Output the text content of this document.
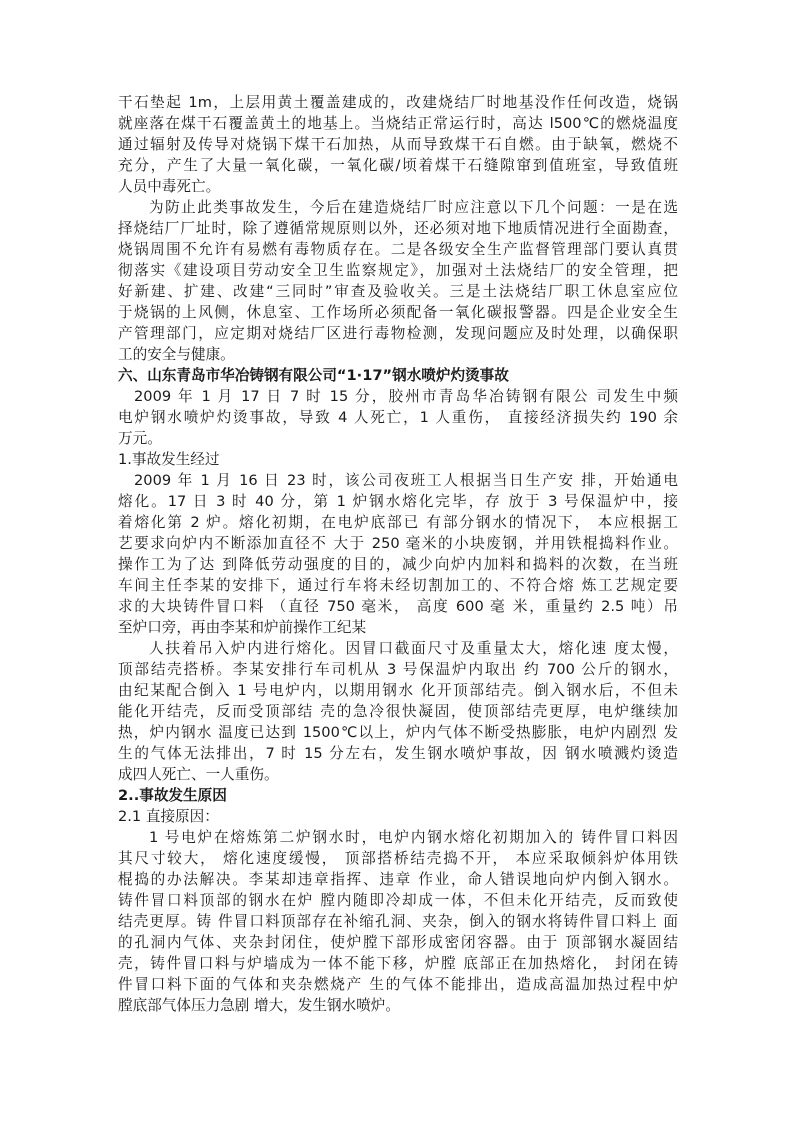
干石垫起 1m，上层用黄土覆盖建成的，改建烧结厂时地基没作任何改造，烧锅
就座落在煤干石覆盖黄土的地基上。当烧结正常运行时，高达 l500℃的燃烧温度
通过辐射及传导对烧锅下煤干石加热，从而导致煤干石自燃。由于缺氧，燃烧不
充分，产生了大量一氧化碳，一氧化碳/顷着煤干石缝隙窜到值班室，导致值班
人员中毒死亡。
为防止此类事故发生，今后在建造烧结厂时应注意以下几个问题：一是在选
择烧结厂厂址时，除了遵循常规原则以外，还必须对地下地质情况进行全面勘查，
烧锅周围不允许有易燃有毒物质存在。二是各级安全生产监督管理部门要认真贯
彻落实《建设项目劳动安全卫生监察规定》，加强对土法烧结厂的安全管理，把
好新建、扩建、改建“三同时”审查及验收关。三是土法烧结厂职工休息室应位
于烧锅的上风侧，休息室、工作场所必须配备一氧化碳报警器。四是企业安全生
产管理部门，应定期对烧结厂区进行毒物检测，发现问题应及时处理，以确保职
工的安全与健康。
六、山东青岛市华冶铸钢有限公司“1·17”钢水喷炉灼烫事故
2009 年 1 月 17 日 7 时 15 分，胶州市青岛华冶铸钢有限公 司发生中频
电炉钢水喷炉灼烫事故，导致 4 人死亡，1 人重伤， 直接经济损失约 190 余
万元。
1.事故发生经过
2009 年 1 月 16 日 23 时，该公司夜班工人根据当日生产安 排，开始通电
熔化。17 日 3 时 40 分，第 1 炉钢水熔化完毕，存 放于 3 号保温炉中，接
着熔化第 2 炉。熔化初期，在电炉底部已 有部分钢水的情况下， 本应根据工
艺要求向炉内不断添加直径不 大于 250 毫米的小块废钢，并用铁棍捣料作业。
操作工为了达 到降低劳动强度的目的，减少向炉内加料和捣料的次数，在当班
车间主任李某的安排下，通过行车将未经切割加工的、不符合熔 炼工艺规定要
求的大块铸件冒口料 （直径 750 毫米， 高度 600 毫 米，重量约 2.5 吨）吊
至炉口旁，再由李某和炉前操作工纪某
人扶着吊入炉内进行熔化。因冒口截面尺寸及重量太大，熔化速 度太慢，
顶部结壳搭桥。李某安排行车司机从 3 号保温炉内取出 约 700 公斤的钢水，
由纪某配合倒入 1 号电炉内，以期用钢水 化开顶部结壳。倒入钢水后，不但未
能化开结壳，反而受顶部结 壳的急冷很快凝固，使顶部结壳更厚，电炉继续加
热，炉内钢水 温度已达到 1500℃以上，炉内气体不断受热膨胀，电炉内剧烈 发
生的气体无法排出，7 时 15 分左右，发生钢水喷炉事故，因 钢水喷溅灼烫造
成四人死亡、一人重伤。
2..事故发生原因
2.1 直接原因：
1 号电炉在熔炼第二炉钢水时，电炉内钢水熔化初期加入的 铸件冒口料因
其尺寸较大， 熔化速度缓慢， 顶部搭桥结壳捣不开， 本应采取倾斜炉体用铁
棍捣的办法解决。李某却违章指挥、违章 作业，命人错误地向炉内倒入钢水。
铸件冒口料顶部的钢水在炉 膛内随即冷却成一体，不但未化开结壳，反而致使
结壳更厚。铸 件冒口料顶部存在补缩孔洞、夹杂，倒入的钢水将铸件冒口料上 面
的孔洞内气体、夹杂封闭住，使炉膛下部形成密闭容器。由于 顶部钢水凝固结
壳，铸件冒口料与炉墙成为一体不能下移，炉膛 底部正在加热熔化， 封闭在铸
件冒口料下面的气体和夹杂燃烧产 生的气体不能排出，造成高温加热过程中炉
膛底部气体压力急剧 增大，发生钢水喷炉。
